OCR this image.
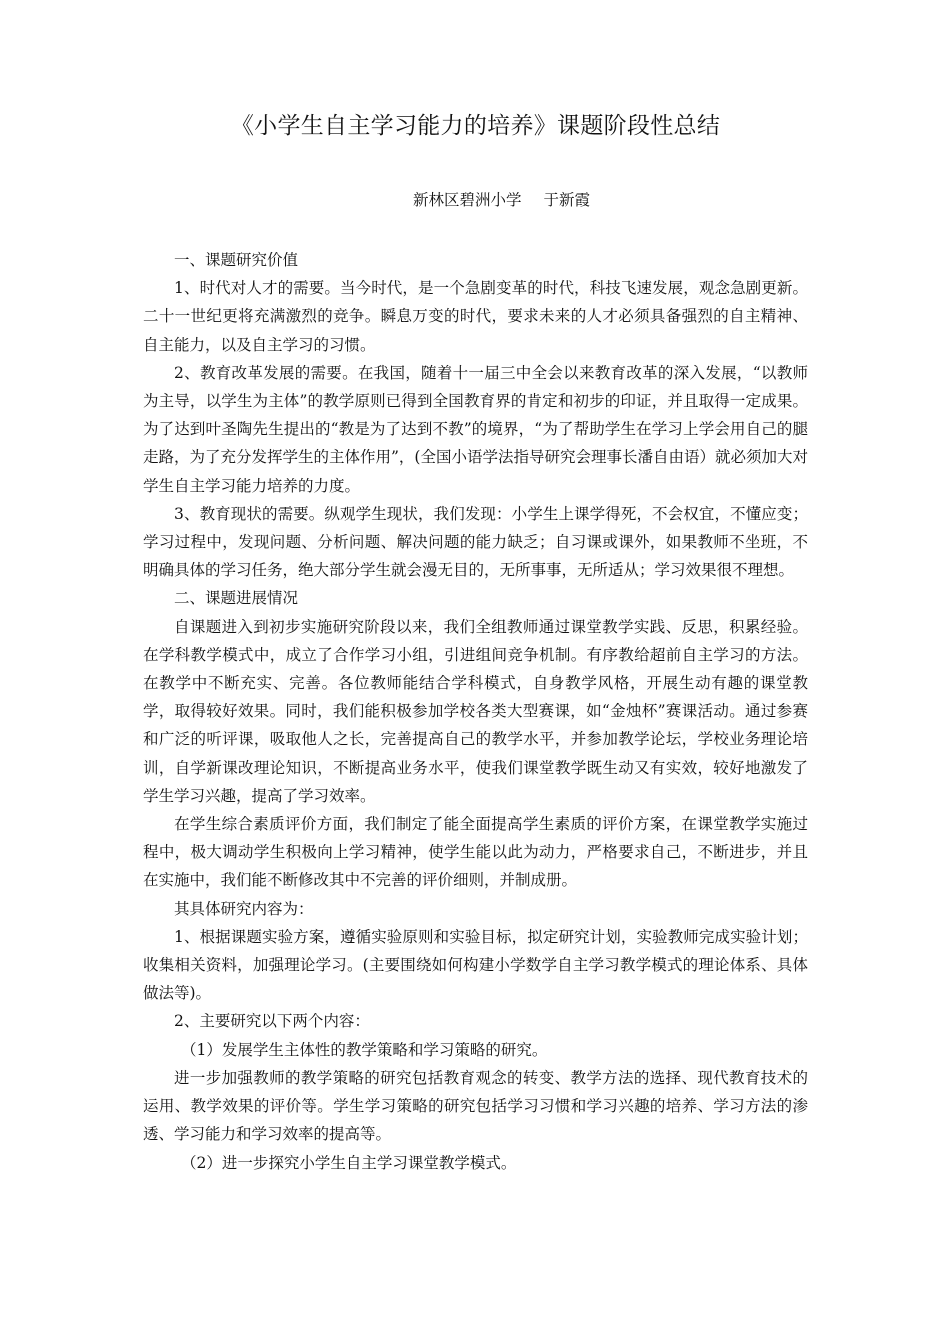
《小学生自主学习能力的培养》课题阶段性总结
新林区碧洲小学 于新霞

一、课题研究价值

1、时代对人才的需要。当今时代，是一个急剧变革的时代，科技飞速发展，观念急剧更新。二十一世纪更将充满激烈的竞争。瞬息万变的时代，要求未来的人才必须具备强烈的自主精神、自主能力，以及自主学习的习惯。

2、教育改革发展的需要。在我国，随着十一届三中全会以来教育改革的深入发展，“以教师为主导，以学生为主体”的教学原则已得到全国教育界的肯定和初步的印证，并且取得一定成果。为了达到叶圣陶先生提出的“教是为了达到不教”的境界，“为了帮助学生在学习上学会用自己的腿走路，为了充分发挥学生的主体作用”，(全国小语学法指导研究会理事长潘自由语）就必须加大对学生自主学习能力培养的力度。

3、教育现状的需要。纵观学生现状，我们发现：小学生上课学得死，不会权宜，不懂应变；学习过程中，发现问题、分析问题、解决问题的能力缺乏；自习课或课外，如果教师不坐班，不明确具体的学习任务，绝大部分学生就会漫无目的，无所事事，无所适从；学习效果很不理想。

二、课题进展情况

自课题进入到初步实施研究阶段以来，我们全组教师通过课堂教学实践、反思，积累经验。在学科教学模式中，成立了合作学习小组，引进组间竞争机制。有序教给超前自主学习的方法。在教学中不断充实、完善。各位教师能结合学科模式，自身教学风格，开展生动有趣的课堂教学，取得较好效果。同时，我们能积极参加学校各类大型赛课，如“金烛杯”赛课活动。通过参赛和广泛的听评课，吸取他人之长，完善提高自己的教学水平，并参加教学论坛，学校业务理论培训，自学新课改理论知识，不断提高业务水平，使我们课堂教学既生动又有实效，较好地激发了学生学习兴趣，提高了学习效率。

在学生综合素质评价方面，我们制定了能全面提高学生素质的评价方案，在课堂教学实施过程中，极大调动学生积极向上学习精神，使学生能以此为动力，严格要求自己，不断进步，并且在实施中，我们能不断修改其中不完善的评价细则，并制成册。

其具体研究内容为：

1、根据课题实验方案，遵循实验原则和实验目标，拟定研究计划，实验教师完成实验计划；收集相关资料，加强理论学习。(主要围绕如何构建小学数学自主学习教学模式的理论体系、具体做法等)。

2、主要研究以下两个内容：

（1）发展学生主体性的教学策略和学习策略的研究。

进一步加强教师的教学策略的研究包括教育观念的转变、教学方法的选择、现代教育技术的运用、教学效果的评价等。学生学习策略的研究包括学习习惯和学习兴趣的培养、学习方法的渗透、学习能力和学习效率的提高等。

（2）进一步探究小学生自主学习课堂教学模式。
